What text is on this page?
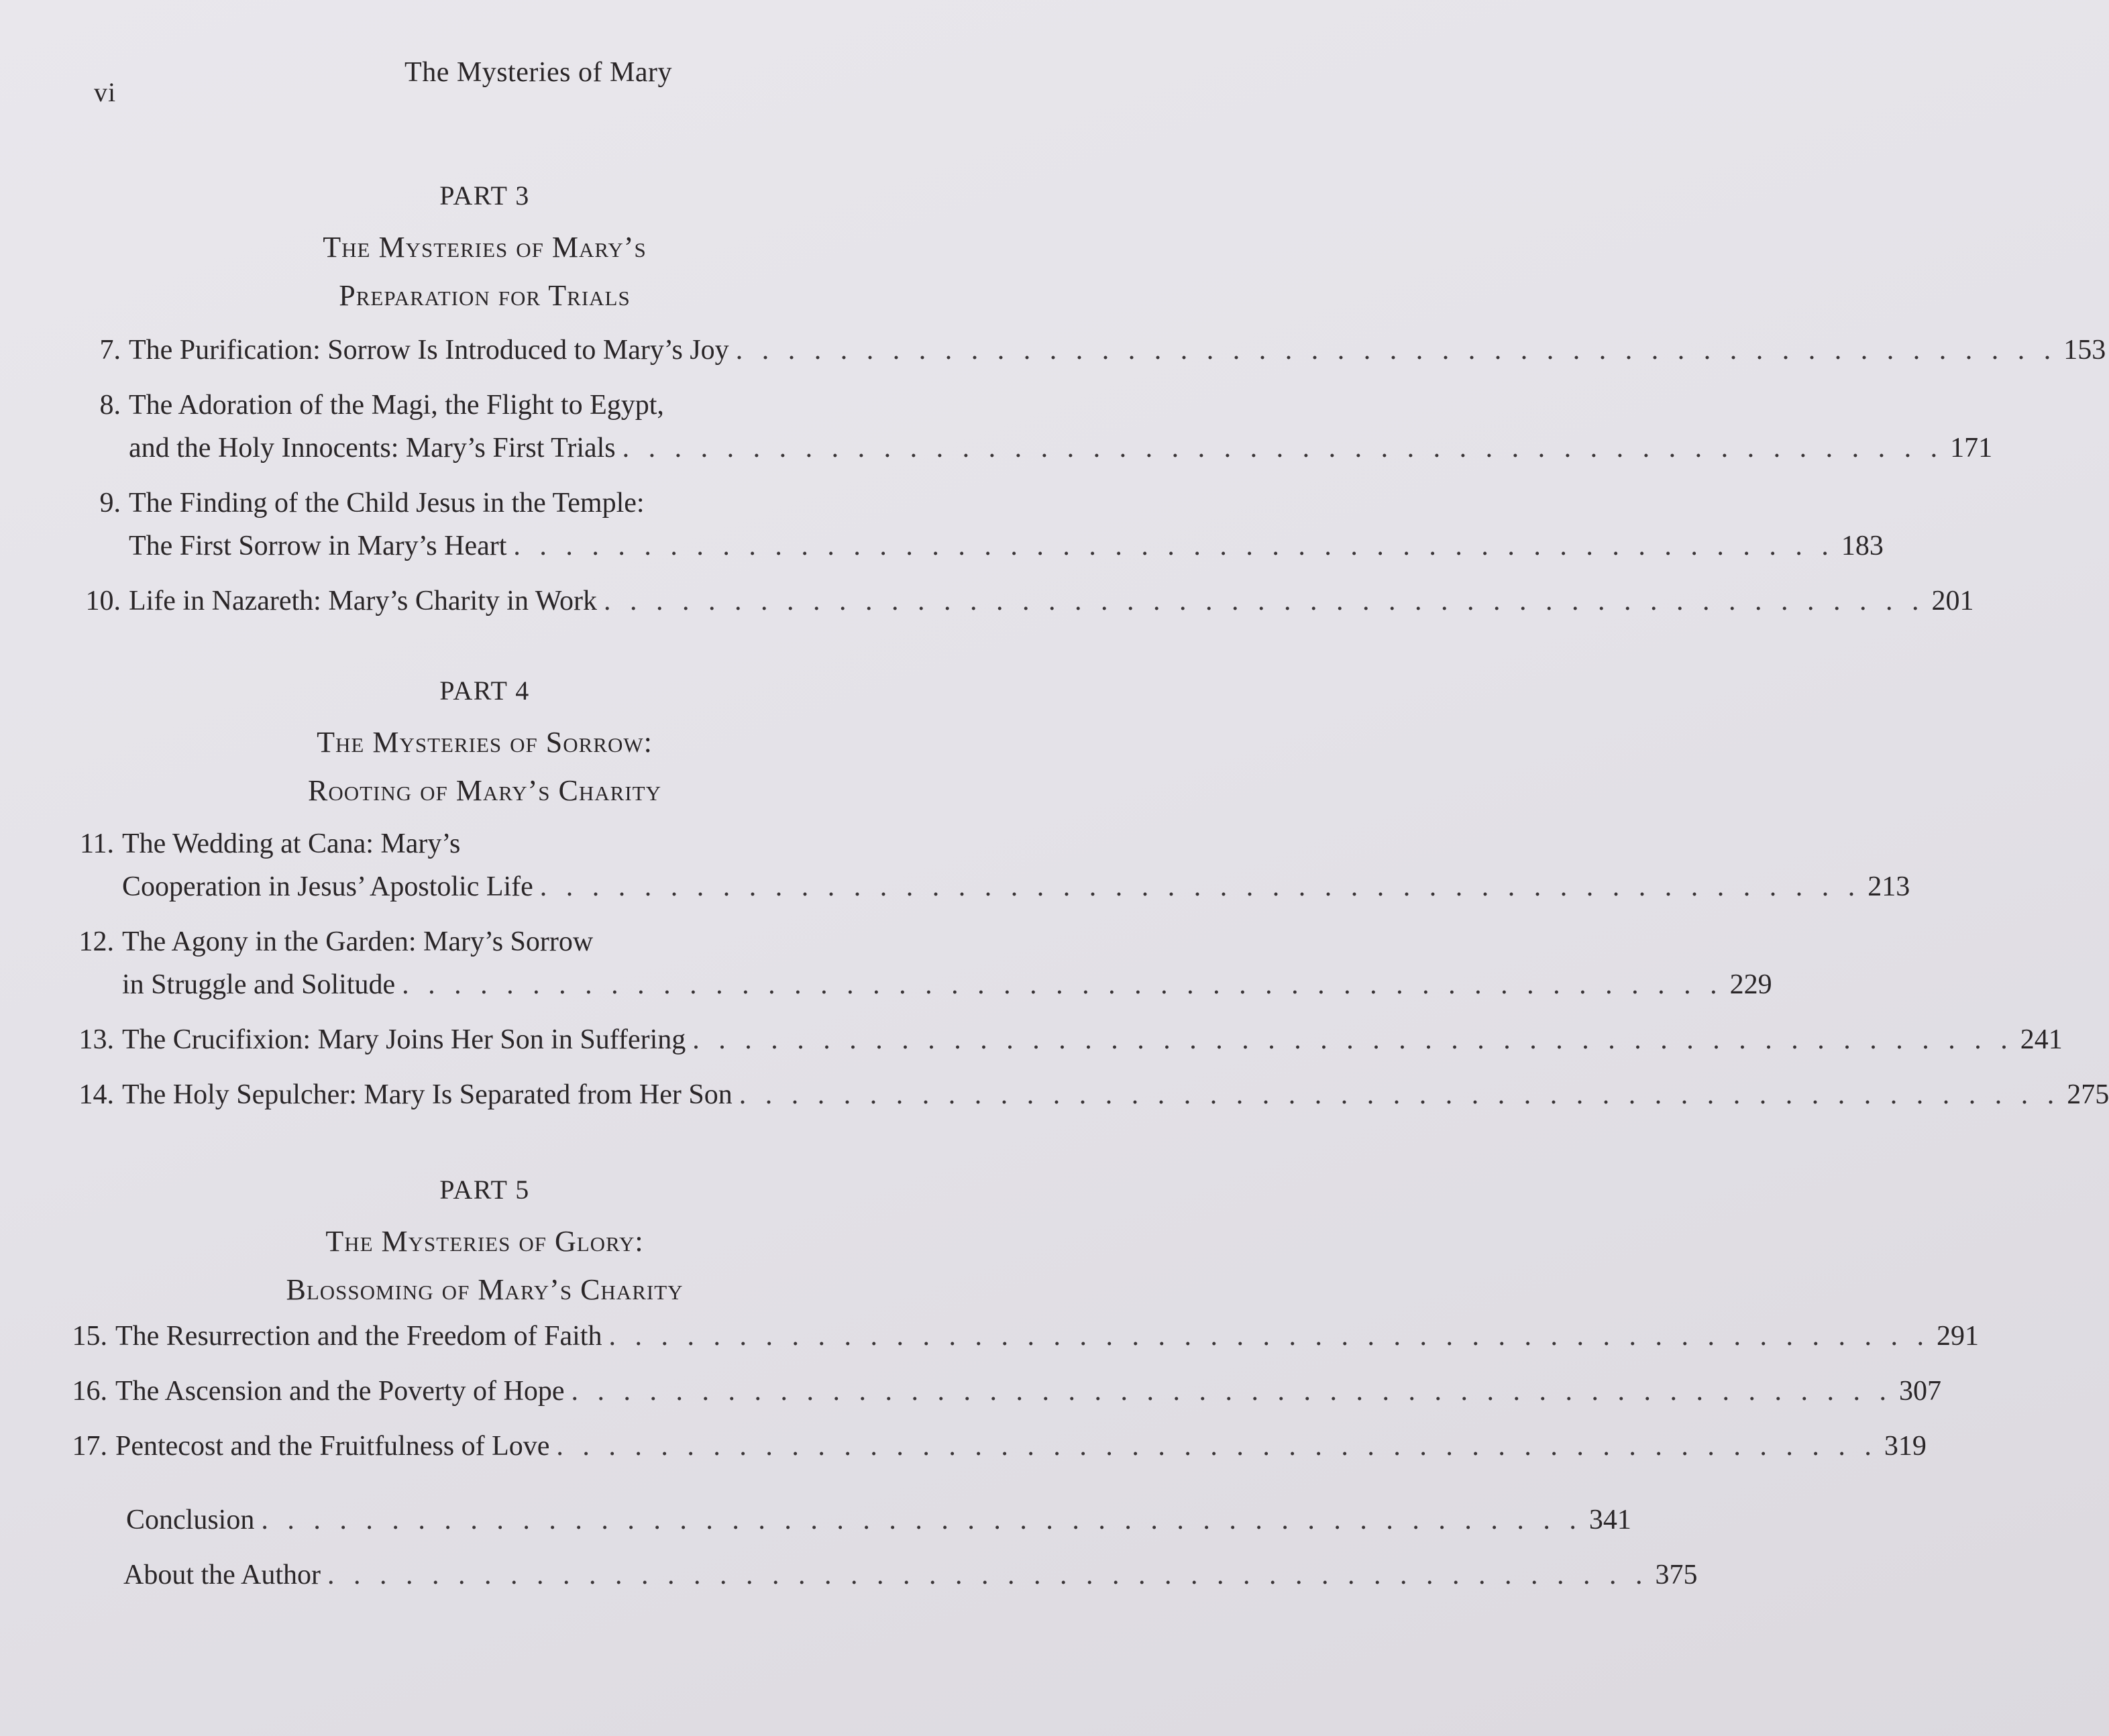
vi
The Mysteries of Mary
PART 3
The Mysteries of Mary’s
Preparation for Trials
7. The Purification: Sorrow Is Introduced to Mary’s Joy . . . . . . . . . . . . . . . . . . . . . . . . . . . . . . . . . . . . . . . . . . . . . . . . . . . 153
8. The Adoration of the Magi, the Flight to Egypt,
and the Holy Innocents: Mary’s First Trials . . . . . . . . . . . . . . . . . . . . . . . . . . . . . . . . . . . . . . . . . . . . . . . . . . . 171
9. The Finding of the Child Jesus in the Temple:
The First Sorrow in Mary’s Heart . . . . . . . . . . . . . . . . . . . . . . . . . . . . . . . . . . . . . . . . . . . . . . . . . . . 183
10. Life in Nazareth: Mary’s Charity in Work . . . . . . . . . . . . . . . . . . . . . . . . . . . . . . . . . . . . . . . . . . . . . . . . . . . 201
PART 4
The Mysteries of Sorrow:
Rooting of Mary’s Charity
11. The Wedding at Cana: Mary’s
Cooperation in Jesus’ Apostolic Life . . . . . . . . . . . . . . . . . . . . . . . . . . . . . . . . . . . . . . . . . . . . . . . . . . . 213
12. The Agony in the Garden: Mary’s Sorrow
in Struggle and Solitude . . . . . . . . . . . . . . . . . . . . . . . . . . . . . . . . . . . . . . . . . . . . . . . . . . . 229
13. The Crucifixion: Mary Joins Her Son in Suffering . . . . . . . . . . . . . . . . . . . . . . . . . . . . . . . . . . . . . . . . . . . . . . . . . . . 241
14. The Holy Sepulcher: Mary Is Separated from Her Son . . . . . . . . . . . . . . . . . . . . . . . . . . . . . . . . . . . . . . . . . . . . . . . . . . . 275
PART 5
The Mysteries of Glory:
Blossoming of Mary’s Charity
15. The Resurrection and the Freedom of Faith . . . . . . . . . . . . . . . . . . . . . . . . . . . . . . . . . . . . . . . . . . . . . . . . . . . 291
16. The Ascension and the Poverty of Hope . . . . . . . . . . . . . . . . . . . . . . . . . . . . . . . . . . . . . . . . . . . . . . . . . . . 307
17. Pentecost and the Fruitfulness of Love . . . . . . . . . . . . . . . . . . . . . . . . . . . . . . . . . . . . . . . . . . . . . . . . . . . 319
Conclusion . . . . . . . . . . . . . . . . . . . . . . . . . . . . . . . . . . . . . . . . . . . . . . . . . . . 341
About the Author . . . . . . . . . . . . . . . . . . . . . . . . . . . . . . . . . . . . . . . . . . . . . . . . . . . 375
